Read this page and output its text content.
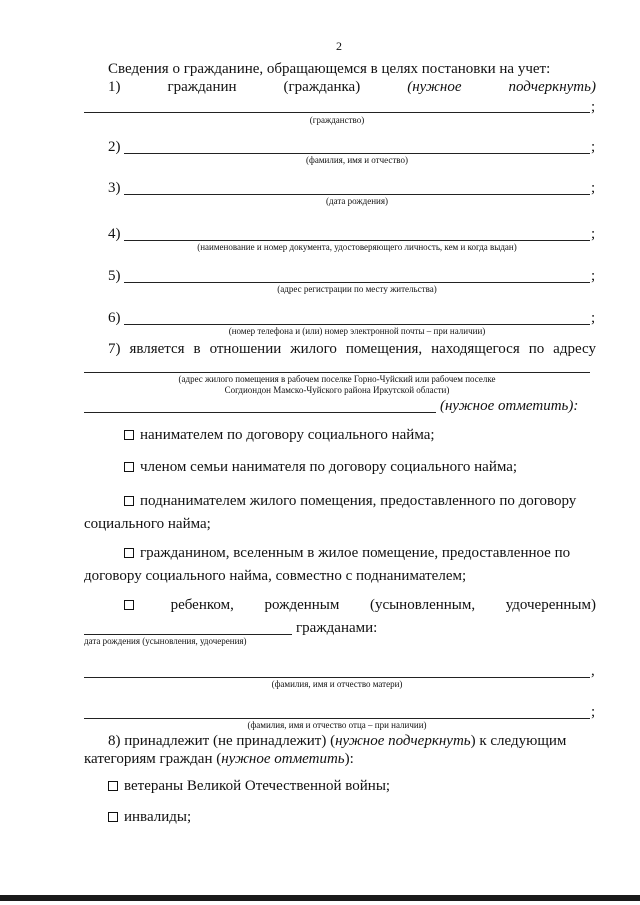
2
Сведения о гражданине, обращающемся в целях постановки на учет:
1)	гражданин	(гражданка)	(нужное	подчеркнуть)
;
(гражданство)
2)	;
(фамилия, имя и отчество)
3)	;
(дата рождения)
4)	;
(наименование и номер документа, удостоверяющего личность, кем и когда выдан)
5)	;
(адрес регистрации по месту жительства)
6)	;
(номер телефона и (или) номер электронной почты – при наличии)
7) является в отношении жилого помещения, находящегося по адресу
(адрес жилого помещения в рабочем поселке Горно-Чуйский или рабочем поселке
Согдиондон Мамско-Чуйского района Иркутской области)
(нужное отметить):
нанимателем по договору социального найма;
членом семьи нанимателя по договору социального найма;
поднанимателем жилого помещения, предоставленного по договору
социального найма;
гражданином, вселенным в жилое помещение, предоставленное по
договору социального найма, совместно с поднанимателем;
ребенком, рожденным (усыновленным, удочеренным)
гражданами:
дата рождения (усыновления, удочерения)
,
(фамилия, имя и отчество матери)
;
(фамилия, имя и отчество отца – при наличии)
8) принадлежит (не принадлежит) (нужное подчеркнуть) к следующим
категориям граждан (нужное отметить):
ветераны Великой Отечественной войны;
инвалиды;
